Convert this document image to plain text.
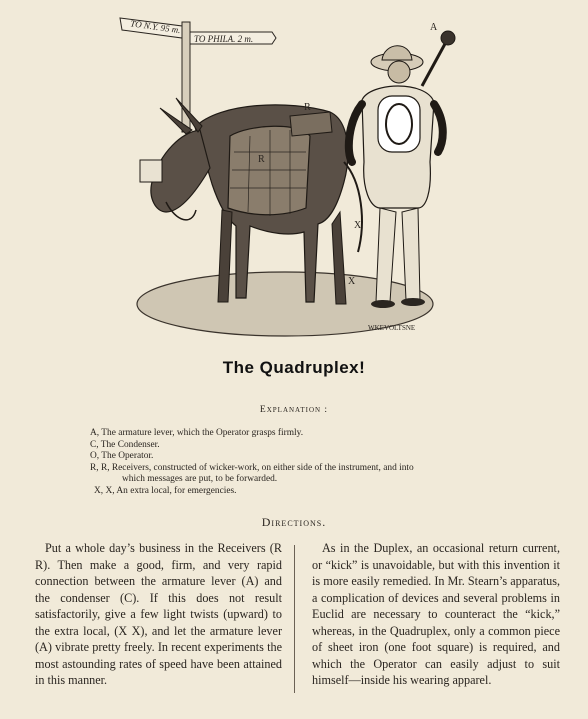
TO N.Y. 95 m.
TO PHILA. 2 m.
R
R
A
X
X
WKEVOLTSNE
The Quadruplex!
Explanation :
A, The armature lever, which the Operator grasps firmly.
C, The Condenser.
O, The Operator.
R, R, Receivers, constructed of wicker-work, on either side of the instrument, and into
which messages are put, to be forwarded.
X, X, An extra local, for emergencies.
Directions.

Put a whole day’s business in the Receivers (R R). Then make a good, firm, and very rapid connection between the armature lever (A) and the condenser (C). If this does not result satisfactorily, give a few light twists (upward) to the extra local, (X X), and let the armature lever (A) vibrate pretty freely. In recent experiments the most astounding rates of speed have been attained in this manner.

As in the Duplex, an occasional return current, or “kick” is unavoidable, but with this invention it is more easily remedied. In Mr. Stearn’s apparatus, a complication of devices and several problems in Euclid are necessary to counteract the “kick,” whereas, in the Quadruplex, only a common piece of sheet iron (one foot square) is required, and which the Operator can easily adjust to suit himself—inside his wearing apparel.
